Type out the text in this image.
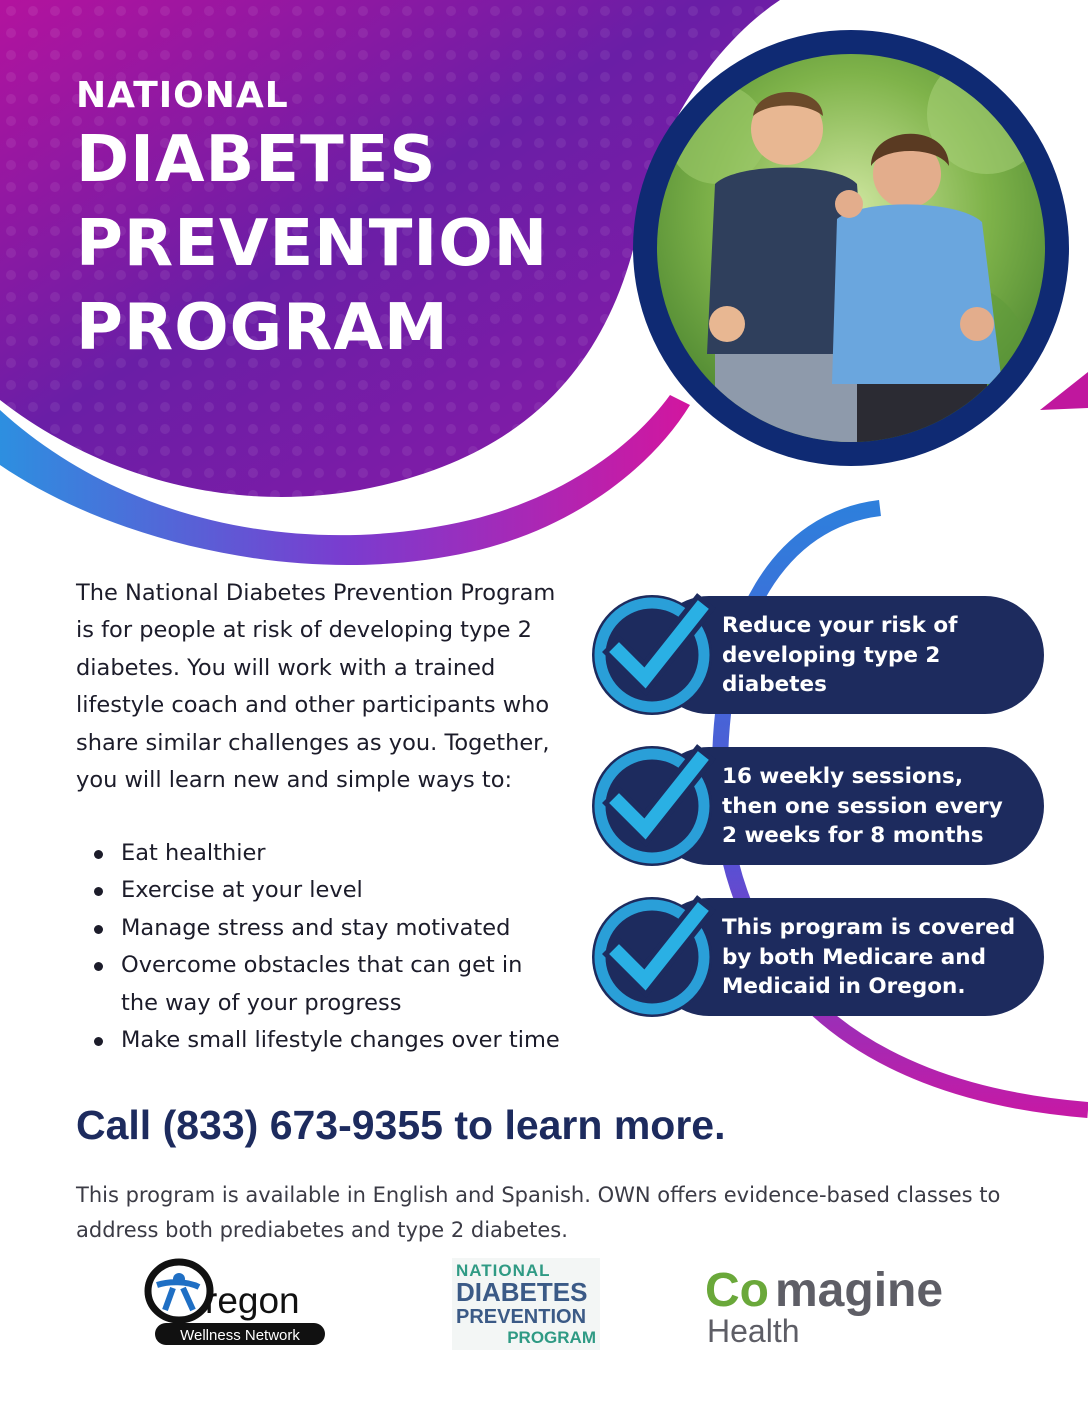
NATIONAL
DIABETES
PREVENTION
PROGRAM
The National Diabetes Prevention Program is for people at risk of developing type 2 diabetes. You will work with a trained lifestyle coach and other participants who share similar challenges as you. Together, you will learn new and simple ways to:
Eat healthier
Exercise at your level
Manage stress and stay motivated
Overcome obstacles that can get in the way of your progress
Make small lifestyle changes over time
Reduce your risk of developing type 2 diabetes
16 weekly sessions, then one session every 2 weeks for 8 months
This program is covered by both Medicare and Medicaid in Oregon.
Call (833) 673-9355 to learn more.
This program is available in English and Spanish. OWN offers evidence-based classes to address both prediabetes and type 2 diabetes.
regon
Wellness Network
NATIONAL
DIABETES
PREVENTION
PROGRAM
Co magine
Health
